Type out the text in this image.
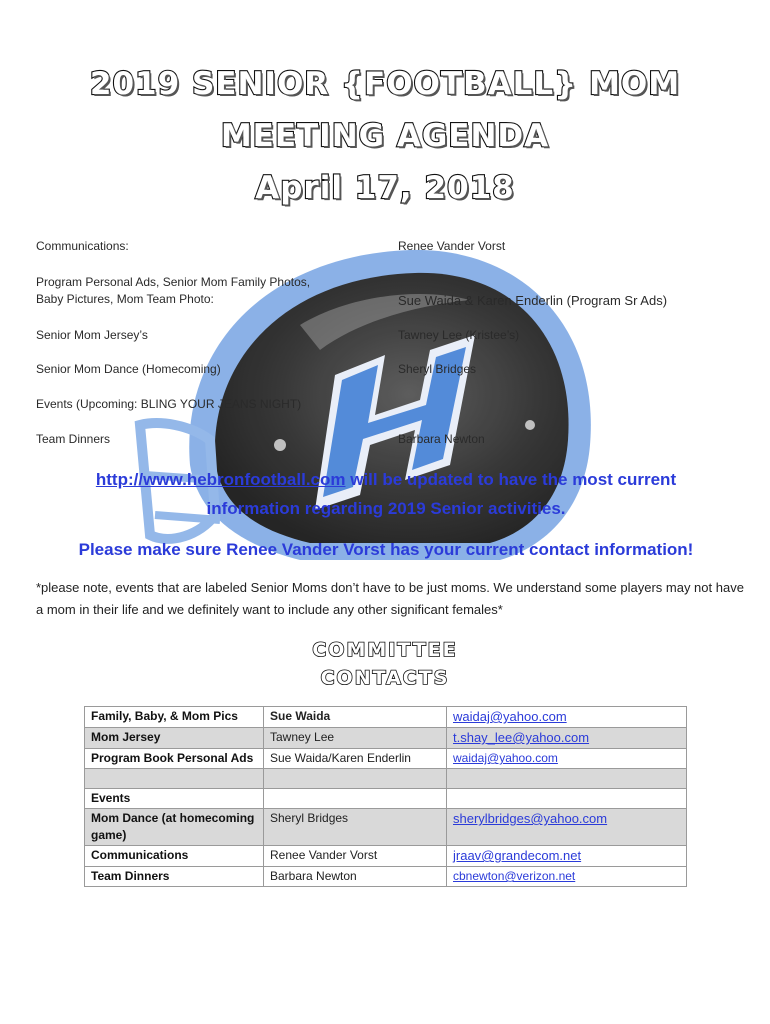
2019 SENIOR {FOOTBALL} MOM
MEETING AGENDA
April 17, 2018
Communications:	Renee Vander Vorst
Program Personal Ads, Senior Mom Family Photos,
Baby Pictures, Mom Team Photo:	Sue Waida & Karen Enderlin (Program Sr Ads)
Senior Mom Jersey’s	Tawney Lee (Kristee’s)
Senior Mom Dance (Homecoming)	Sheryl Bridges
Events (Upcoming: BLING YOUR JEANS NIGHT)
Team Dinners	Barbara Newton
http://www.hebronfootball.com will be updated to have the most current
information regarding 2019 Senior activities.
Please make sure Renee Vander Vorst has your current contact information!
*please note, events that are labeled Senior Moms don’t have to be just moms. We understand some players may not have a mom in their life and we definitely want to include any other significant females*
COMMITTEE
CONTACTS
Family, Baby, & Mom Pics	Sue Waida	waidaj@yahoo.com
Mom Jersey	Tawney Lee	t.shay_lee@yahoo.com
Program Book Personal Ads	Sue Waida/Karen Enderlin	waidaj@yahoo.com

Events		
Mom Dance (at homecoming game)	Sheryl Bridges	sherylbridges@yahoo.com
Communications	Renee Vander Vorst	jraav@grandecom.net
Team Dinners	Barbara Newton	cbnewton@verizon.net
